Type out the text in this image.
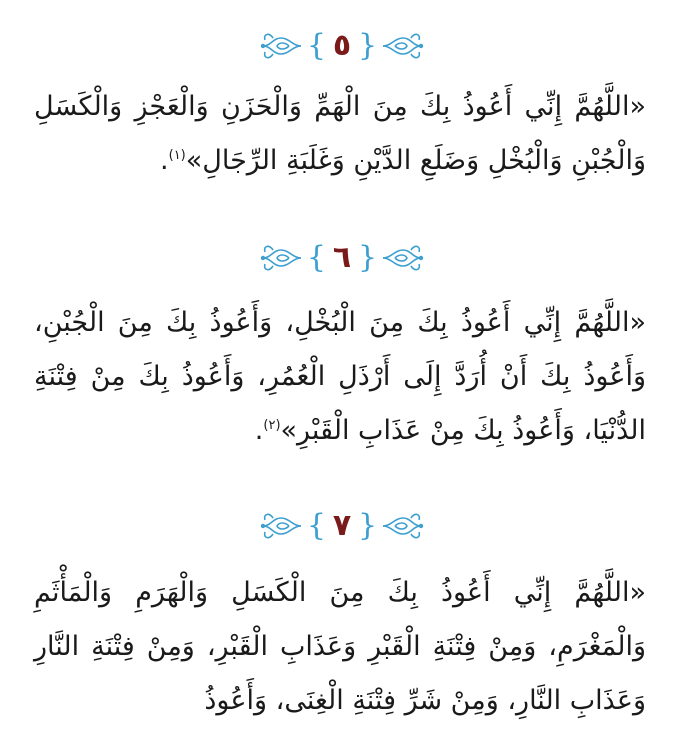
{ ٥ }
«اللَّهُمَّ إِنِّي أَعُوذُ بِكَ مِنَ الْهَمِّ وَالْحَزَنِ وَالْعَجْزِ وَالْكَسَلِ وَالْجُبْنِ وَالْبُخْلِ وَضَلَعِ الدَّيْنِ وَغَلَبَةِ الرِّجَالِ»$^{(١)}$.
{ ٦ }
«اللَّهُمَّ إِنِّي أَعُوذُ بِكَ مِنَ الْبُخْلِ، وَأَعُوذُ بِكَ مِنَ الْجُبْنِ، وَأَعُوذُ بِكَ أَنْ أُرَدَّ إِلَى أَرْذَلِ الْعُمُرِ، وَأَعُوذُ بِكَ مِنْ فِتْنَةِ الدُّنْيَا، وَأَعُوذُ بِكَ مِنْ عَذَابِ الْقَبْرِ»$^{(٢)}$.
{ ٧ }
«اللَّهُمَّ إِنِّي أَعُوذُ بِكَ مِنَ الْكَسَلِ وَالْهَرَمِ وَالْمَأْثَمِ وَالْمَغْرَمِ، وَمِنْ فِتْنَةِ الْقَبْرِ وَعَذَابِ الْقَبْرِ، وَمِنْ فِتْنَةِ النَّارِ وَعَذَابِ النَّارِ، وَمِنْ شَرِّ فِتْنَةِ الْغِنَى، وَأَعُوذُ
